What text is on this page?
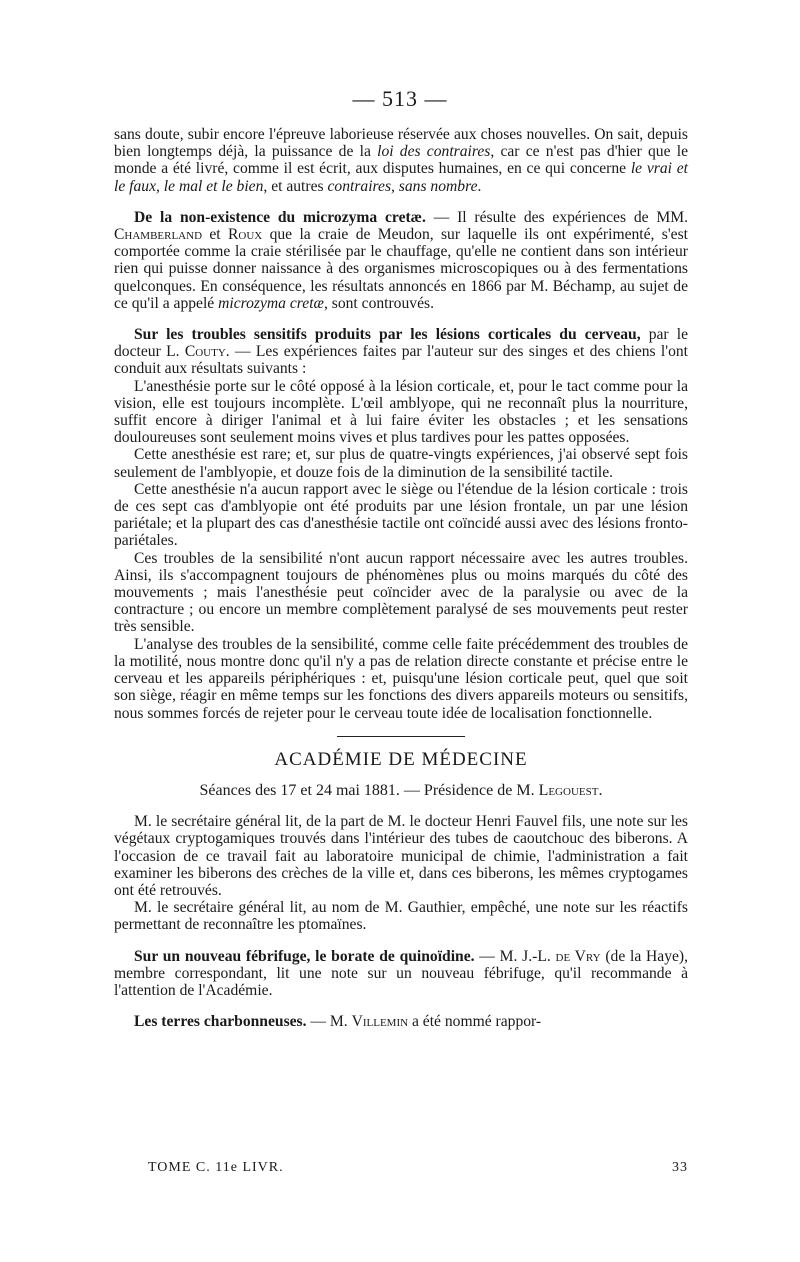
— 513 —

sans doute, subir encore l'épreuve laborieuse réservée aux choses nouvelles. On sait, depuis bien longtemps déjà, la puissance de la loi des contraires, car ce n'est pas d'hier que le monde a été livré, comme il est écrit, aux disputes humaines, en ce qui concerne le vrai et le faux, le mal et le bien, et autres contraires, sans nombre.

De la non-existence du microzyma cretæ. — Il résulte des expériences de MM. Chamberland et Roux que la craie de Meudon, sur laquelle ils ont expérimenté, s'est comportée comme la craie stérilisée par le chauffage, qu'elle ne contient dans son intérieur rien qui puisse donner naissance à des organismes microscopiques ou à des fermentations quelconques. En conséquence, les résultats annoncés en 1866 par M. Béchamp, au sujet de ce qu'il a appelé microzyma cretæ, sont controuvés.

Sur les troubles sensitifs produits par les lésions corticales du cerveau, par le docteur L. Couty. — Les expériences faites par l'auteur sur des singes et des chiens l'ont conduit aux résultats suivants :

L'anesthésie porte sur le côté opposé à la lésion corticale, et, pour le tact comme pour la vision, elle est toujours incomplète. L'œil amblyope, qui ne reconnaît plus la nourriture, suffit encore à diriger l'animal et à lui faire éviter les obstacles ; et les sensations douloureuses sont seulement moins vives et plus tardives pour les pattes opposées.

Cette anesthésie est rare; et, sur plus de quatre-vingts expériences, j'ai observé sept fois seulement de l'amblyopie, et douze fois de la diminution de la sensibilité tactile.

Cette anesthésie n'a aucun rapport avec le siège ou l'étendue de la lésion corticale : trois de ces sept cas d'amblyopie ont été produits par une lésion frontale, un par une lésion pariétale; et la plupart des cas d'anesthésie tactile ont coïncidé aussi avec des lésions fronto-pariétales.

Ces troubles de la sensibilité n'ont aucun rapport nécessaire avec les autres troubles. Ainsi, ils s'accompagnent toujours de phénomènes plus ou moins marqués du côté des mouvements ; mais l'anesthésie peut coïncider avec de la paralysie ou avec de la contracture ; ou encore un membre complètement paralysé de ses mouvements peut rester très sensible.

L'analyse des troubles de la sensibilité, comme celle faite précédemment des troubles de la motilité, nous montre donc qu'il n'y a pas de relation directe constante et précise entre le cerveau et les appareils périphériques : et, puisqu'une lésion corticale peut, quel que soit son siège, réagir en même temps sur les fonctions des divers appareils moteurs ou sensitifs, nous sommes forcés de rejeter pour le cerveau toute idée de localisation fonctionnelle.

ACADÉMIE DE MÉDECINE
Séances des 17 et 24 mai 1881. — Présidence de M. Legouest.

M. le secrétaire général lit, de la part de M. le docteur Henri Fauvel fils, une note sur les végétaux cryptogamiques trouvés dans l'intérieur des tubes de caoutchouc des biberons. A l'occasion de ce travail fait au laboratoire municipal de chimie, l'administration a fait examiner les biberons des crèches de la ville et, dans ces biberons, les mêmes cryptogames ont été retrouvés.

M. le secrétaire général lit, au nom de M. Gauthier, empêché, une note sur les réactifs permettant de reconnaître les ptomaïnes.

Sur un nouveau fébrifuge, le borate de quinoïdine. — M. J.-L. de Vry (de la Haye), membre correspondant, lit une note sur un nouveau fébrifuge, qu'il recommande à l'attention de l'Académie.

Les terres charbonneuses. — M. Villemin a été nommé rappor-

TOME C. 11e LIVR.	33
